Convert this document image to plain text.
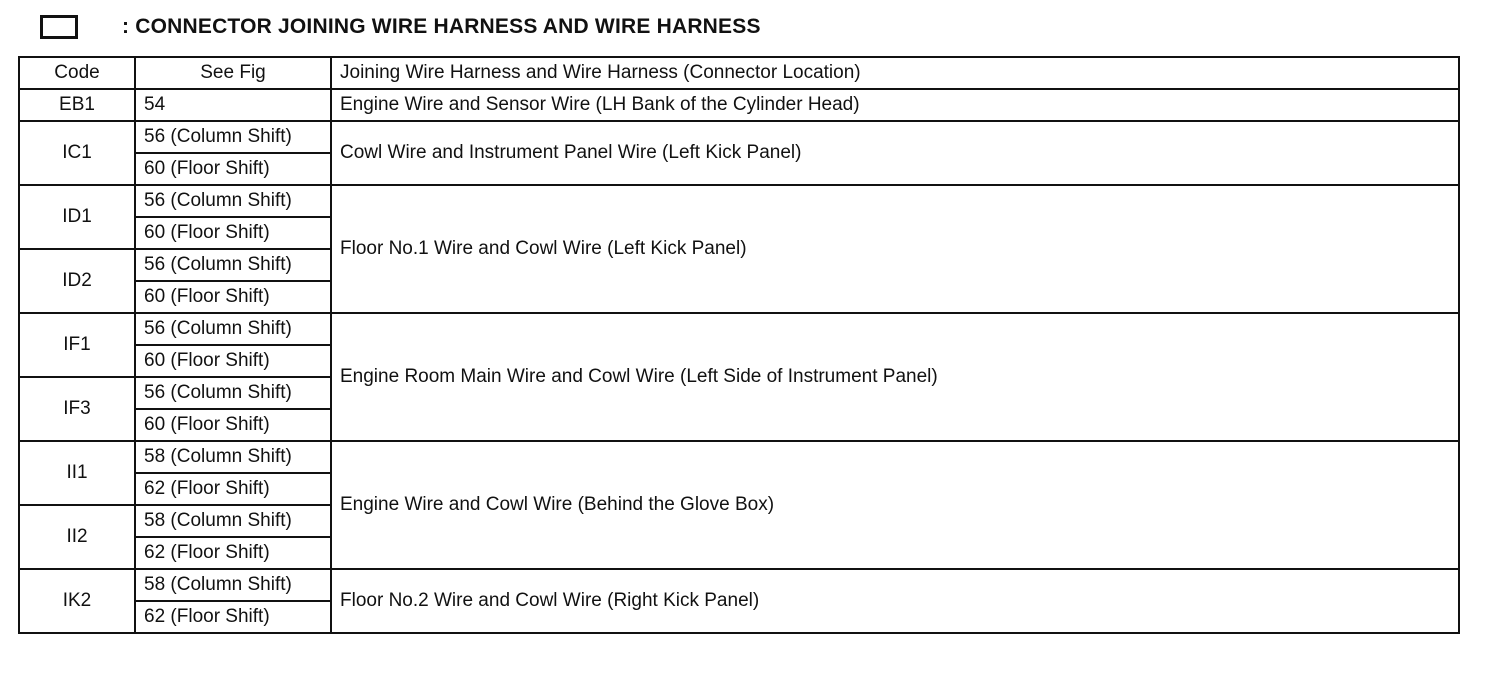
: CONNECTOR JOINING WIRE HARNESS AND WIRE HARNESS
Code	See Fig	Joining Wire Harness and Wire Harness (Connector Location)
EB1	54	Engine Wire and Sensor Wire (LH Bank of the Cylinder Head)
IC1	56 (Column Shift)	Cowl Wire and Instrument Panel Wire (Left Kick Panel)
	60 (Floor Shift)	
ID1	56 (Column Shift)	Floor No.1 Wire and Cowl Wire (Left Kick Panel)
	60 (Floor Shift)	
ID2	56 (Column Shift)	
	60 (Floor Shift)	
IF1	56 (Column Shift)	Engine Room Main Wire and Cowl Wire (Left Side of Instrument Panel)
	60 (Floor Shift)	
IF3	56 (Column Shift)	
	60 (Floor Shift)	
II1	58 (Column Shift)	Engine Wire and Cowl Wire (Behind the Glove Box)
	62 (Floor Shift)	
II2	58 (Column Shift)	
	62 (Floor Shift)	
IK2	58 (Column Shift)	Floor No.2 Wire and Cowl Wire (Right Kick Panel)
	62 (Floor Shift)	
